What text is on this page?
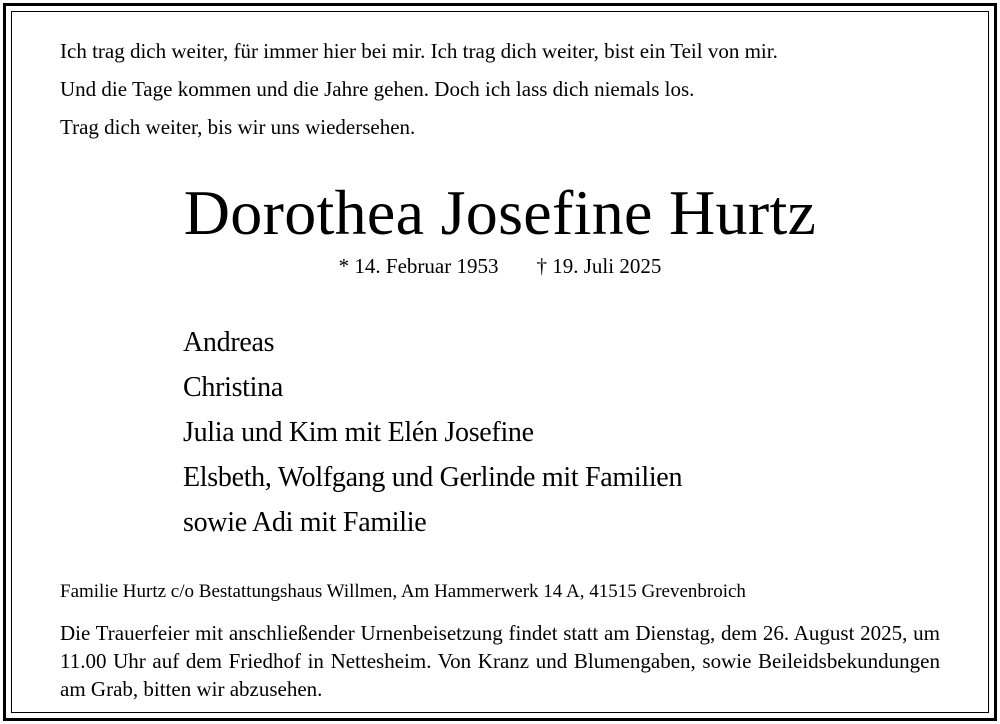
Ich trag dich weiter, für immer hier bei mir. Ich trag dich weiter, bist ein Teil von mir.
Und die Tage kommen und die Jahre gehen. Doch ich lass dich niemals los.
Trag dich weiter, bis wir uns wiedersehen.
Dorothea Josefine Hurtz
* 14. Februar 1953 † 19. Juli 2025
Andreas
Christina
Julia und Kim mit Elén Josefine
Elsbeth, Wolfgang und Gerlinde mit Familien
sowie Adi mit Familie
Familie Hurtz c/o Bestattungshaus Willmen, Am Hammerwerk 14 A, 41515 Grevenbroich
Die Trauerfeier mit anschließender Urnenbeisetzung findet statt am Dienstag, dem 26. August 2025, um 11.00 Uhr auf dem Friedhof in Nettesheim. Von Kranz und Blumengaben, sowie Beileidsbekundungen am Grab, bitten wir abzusehen.
